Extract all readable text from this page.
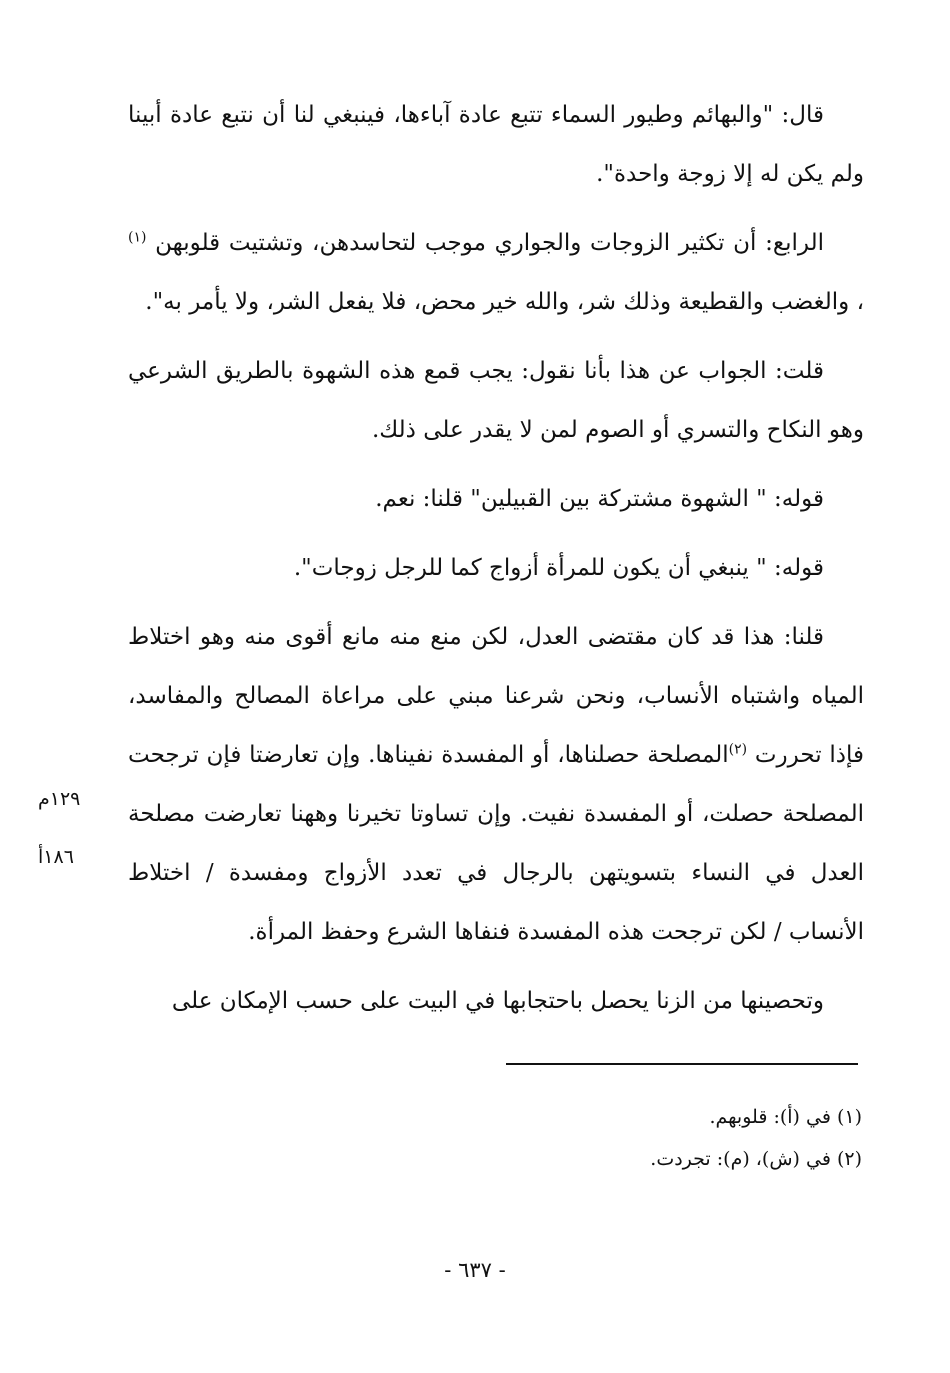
قال: "والبهائم وطيور السماء تتبع عادة آباءها، فينبغي لنا أن نتبع عادة أبينا ولم يكن له إلا زوجة واحدة".

الرابع: أن تكثير الزوجات والجواري موجب لتحاسدهن، وتشتيت قلوبهن $^{(١)}$ ، والغضب والقطيعة وذلك شر، والله خير محض، فلا يفعل الشر، ولا يأمر به".

قلت: الجواب عن هذا بأنا نقول: يجب قمع هذه الشهوة بالطريق الشرعي وهو النكاح والتسري أو الصوم لمن لا يقدر على ذلك.

قوله: " الشهوة مشتركة بين القبيلين" قلنا: نعم.

قوله: " ينبغي أن يكون للمرأة أزواج كما للرجل زوجات".

قلنا: هذا قد كان مقتضى العدل، لكن منع منه مانع أقوى منه وهو اختلاط المياه واشتباه الأنساب، ونحن شرعنا مبني على مراعاة المصالح والمفاسد، فإذا تحررت $^{(٢)}$المصلحة حصلناها، أو المفسدة نفيناها. وإن تعارضتا فإن ترجحت المصلحة حصلت، أو المفسدة نفيت. وإن تساوتا تخيرنا وههنا تعارضت مصلحة العدل في النساء بتسويتهن بالرجال في تعدد الأزواج ومفسدة / اختلاط الأنساب / لكن ترجحت هذه المفسدة فنفاها الشرع وحفظ المرأة.

وتحصينها من الزنا يحصل باحتجابها في البيت على حسب الإمكان على

١٢٩م
١٨٦أ

(١) في (أ): قلوبهم.

(٢) في (ش)، (م): تجردت.

- ٦٣٧ -
